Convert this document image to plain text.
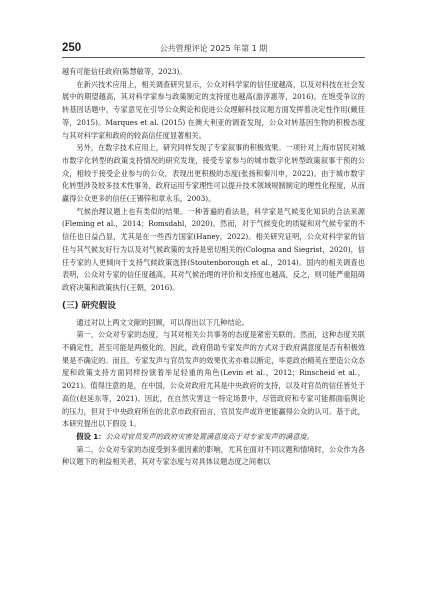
250	公共管理评论 2025 年第 1 期

越有可能信任政府(陈慧敏等，2023)。

在新兴技术应用上，相关调查研究显示，公众对科学家的信任度越高，以及对科技在社会发展中的期望越高，其对科学家参与政策制定的支持度也越高(游淳惠等，2016)。在饱受争议的转基因话题中，专家意见在引导公众舆论和促进公众理解科技议题方面发挥着决定性作用(戴佳等，2015)。Marques et al. (2015) 在澳大利亚的调查发现，公众对转基因生物的积极态度与其对科学家和政府的较高信任度显著相关。

另外，在数字技术应用上，研究同样发现了专家叙事的积极效果。一项针对上海市居民对城市数字化转型的政策支持情况的研究发现，接受专家参与的城市数字化转型政策叙事干预的公众，相较于接受企业参与的公众，表现出更积极的态度(张扬和秦川申，2022)。由于城市数字化转型涉及较多技术性事务，政府运用专家理性可以提升技术领域规制制定的理性化程度，从而赢得公众更多的信任(王锡锌和章永乐，2003)。

气候治理议题上也有类似的结果。一种普遍的看法是，科学家是气候变化知识的合法来源(Fleming et al.，2014；Romsdahl，2020)。然而，对于气候变化的质疑和对气候专家的不信任也日益凸显，尤其是在一些西方国家(Haney，2022)。相关研究证明，公众对科学家的信任与其气候友好行为以及对气候政策的支持是密切相关的(Cologna and Siegrist，2020)，信任专家的人更倾向于支持气候政策选择(Stoutenborough et al.，2014)。国内的相关调查也表明，公众对专家的信任度越高，其对气候治理的评价和支持度也越高，反之，则可能严重阻碍政府决策和政策执行(王朝，2016)。

(三) 研究假设

通过对以上两文文献的回顾，可以得出以下几种结论。

第一，公众对专家的态度，与其对相关公共事务的态度是紧密关联的。然而，这种态度关联不确定性，甚至可能是两极化的。因此，政府借助专家发声的方式对于政府满意度是否有积极效果是不确定的。而且，专家发声与官员发声的效果优劣亦难以断定，毕竟政治精英在塑造公众态度和政策支持方面同样扮演着举足轻重的角色(Levin et al.，2012；Rinscheid et al.，2021)。值得注意的是，在中国，公众对政府尤其是中央政府的支持，以及对官员的信任皆处于高位(赵延东等，2021)。因此，在自然灾害这一特定场景中，尽管政府和专家可能都面临舆论的压力，但对于中央政府所在的北京市政府而言，官员发声或许更能赢得公众的认可。基于此，本研究提出以下假设 1。

假设 1：公众对官员发声的政府灾害处置满意度高于对专家发声的满意度。

第二，公众对专家的态度受到多重因素的影响，尤其在面对不同议题和情境时，公众作为各种议题下的利益相关者，其对专家态度与对具体议题态度之间难以
